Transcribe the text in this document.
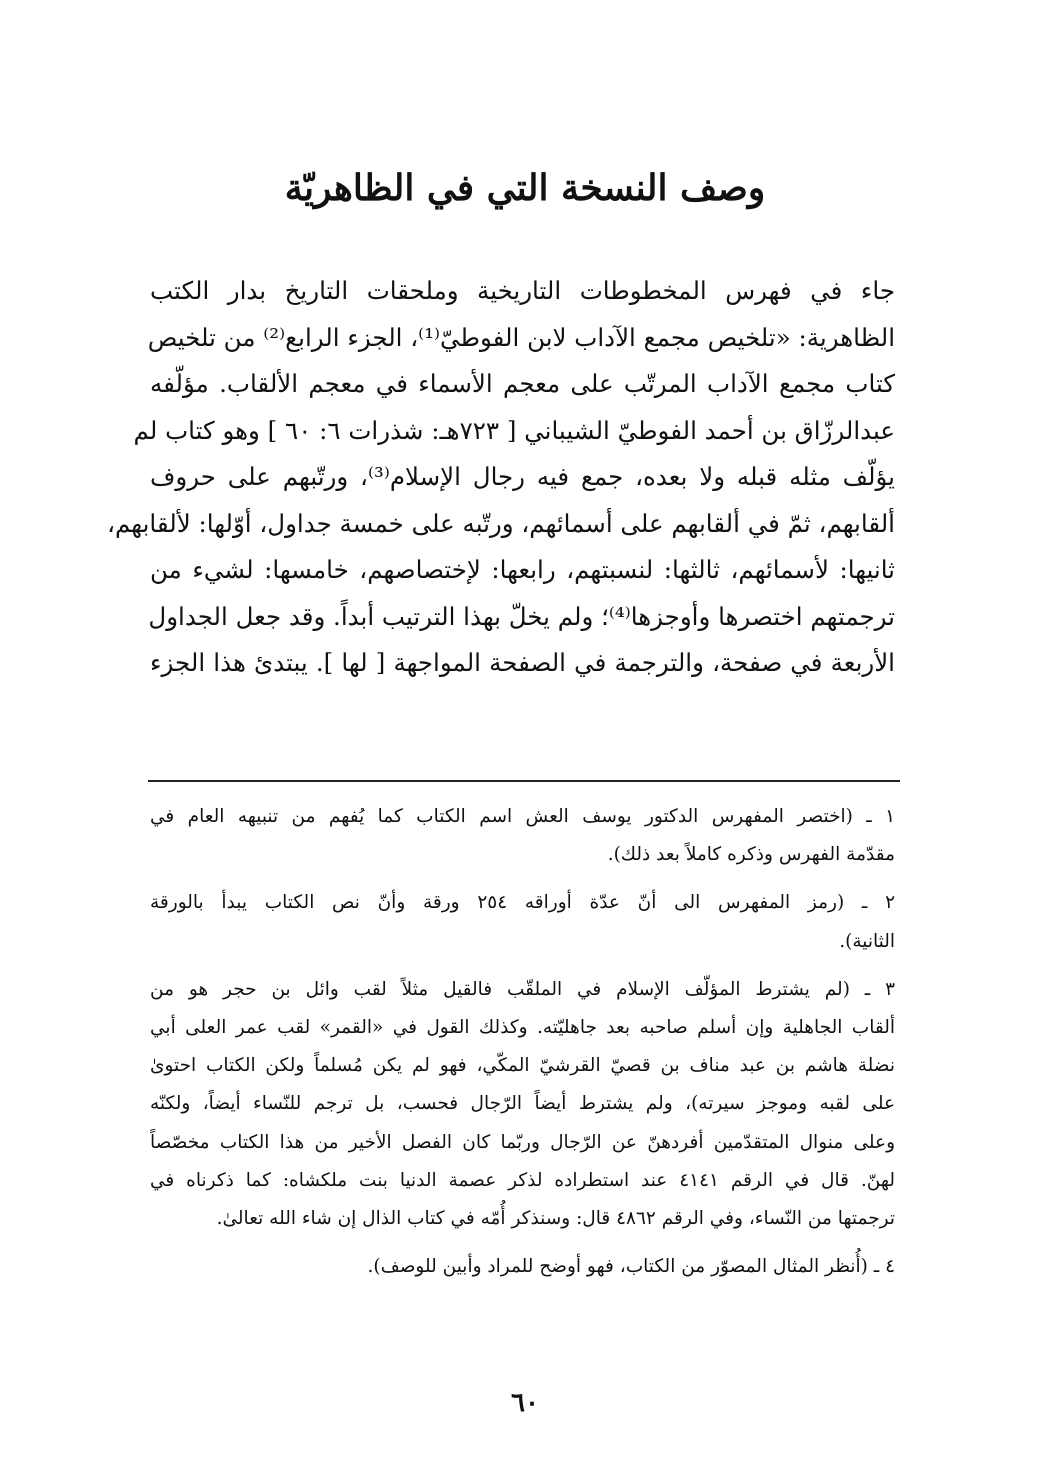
وصف النسخة التي في الظاهريّة
جاء في فهرس المخطوطات التاريخية وملحقات التاريخ بدار الكتب
الظاهرية: «تلخيص مجمع الآداب لابن الفوطيّ⁽¹⁾، الجزء الرابع⁽²⁾ من تلخيص
كتاب مجمع الآداب المرتّب على معجم الأسماء في معجم الألقاب. مؤلّفه
عبدالرزّاق بن أحمد الفوطيّ الشيباني [ ٧٢٣هـ: شذرات ٦: ٦٠ ] وهو كتاب لم
يؤلّف مثله قبله ولا بعده، جمع فيه رجال الإسلام⁽³⁾، ورتّبهم على حروف
ألقابهم، ثمّ في ألقابهم على أسمائهم، ورتّبه على خمسة جداول، أوّلها: لألقابهم،
ثانيها: لأسمائهم، ثالثها: لنسبتهم، رابعها: لإختصاصهم، خامسها: لشيء من
ترجمتهم اختصرها وأوجزها⁽⁴⁾؛ ولم يخلّ بهذا الترتيب أبداً. وقد جعل الجداول
الأربعة في صفحة، والترجمة في الصفحة المواجهة [ لها ]. يبتدئ هذا الجزء
١ ـ (اختصر المفهرس الدكتور يوسف العش اسم الكتاب كما يُفهم من تنبيهه العام في
مقدّمة الفهرس وذكره كاملاً بعد ذلك).
٢ ـ (رمز المفهرس الى أنّ عدّة أوراقه ٢٥٤ ورقة وأنّ نص الكتاب يبدأ بالورقة
الثانية).
٣ ـ (لم يشترط المؤلّف الإسلام في الملقّب فالقيل مثلاً لقب وائل بن حجر هو من
ألقاب الجاهلية وإن أسلم صاحبه بعد جاهليّته. وكذلك القول في «القمر» لقب عمر العلى أبي
نضلة هاشم بن عبد مناف بن قصيّ القرشيّ المكّي، فهو لم يكن مُسلماً ولكن الكتاب احتوىٰ
على لقبه وموجز سيرته)، ولم يشترط أيضاً الرّجال فحسب، بل ترجم للنّساء أيضاً، ولكنّه
وعلى منوال المتقدّمين أفردهنّ عن الرّجال وربّما كان الفصل الأخير من هذا الكتاب مخصّصاً
لهنّ. قال في الرقم ٤١٤١ عند استطراده لذكر عصمة الدنيا بنت ملكشاه: كما ذكرناه في
ترجمتها من النّساء، وفي الرقم ٤٨٦٢ قال: وسنذكر أُمّه في كتاب الذال إن شاء الله تعالىٰ.
٤ ـ (أُنظر المثال المصوّر من الكتاب، فهو أوضح للمراد وأبين للوصف).
٦٠
